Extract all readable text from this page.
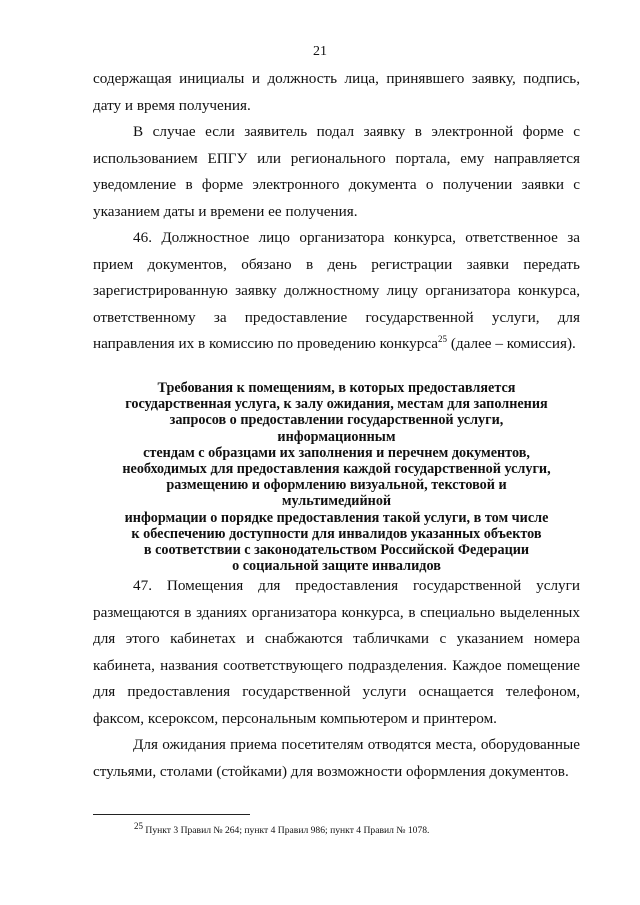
21

содержащая инициалы и должность лица, принявшего заявку, подпись, дату и время получения.

В случае если заявитель подал заявку в электронной форме с использованием ЕПГУ или регионального портала, ему направляется уведомление в форме электронного документа о получении заявки с указанием даты и времени ее получения.

46. Должностное лицо организатора конкурса, ответственное за прием документов, обязано в день регистрации заявки передать зарегистрированную заявку должностному лицу организатора конкурса, ответственному за предоставление государственной услуги, для направления их в комиссию по проведению конкурса$^{25}$ (далее – комиссия).

Требования к помещениям, в которых предоставляется
государственная услуга, к залу ожидания, местам для заполнения
запросов о предоставлении государственной услуги, информационным
стендам с образцами их заполнения и перечнем документов,
необходимых для предоставления каждой государственной услуги,
размещению и оформлению визуальной, текстовой и мультимедийной
информации о порядке предоставления такой услуги, в том числе
к обеспечению доступности для инвалидов указанных объектов
в соответствии с законодательством Российской Федерации
о социальной защите инвалидов

47. Помещения для предоставления государственной услуги размещаются в зданиях организатора конкурса, в специально выделенных для этого кабинетах и снабжаются табличками с указанием номера кабинета, названия соответствующего подразделения. Каждое помещение для предоставления государственной услуги оснащается телефоном, факсом, ксероксом, персональным компьютером и принтером.

Для ожидания приема посетителям отводятся места, оборудованные стульями, столами (стойками) для возможности оформления документов.

$^{25}$ Пункт 3 Правил № 264; пункт 4 Правил 986; пункт 4 Правил № 1078.
